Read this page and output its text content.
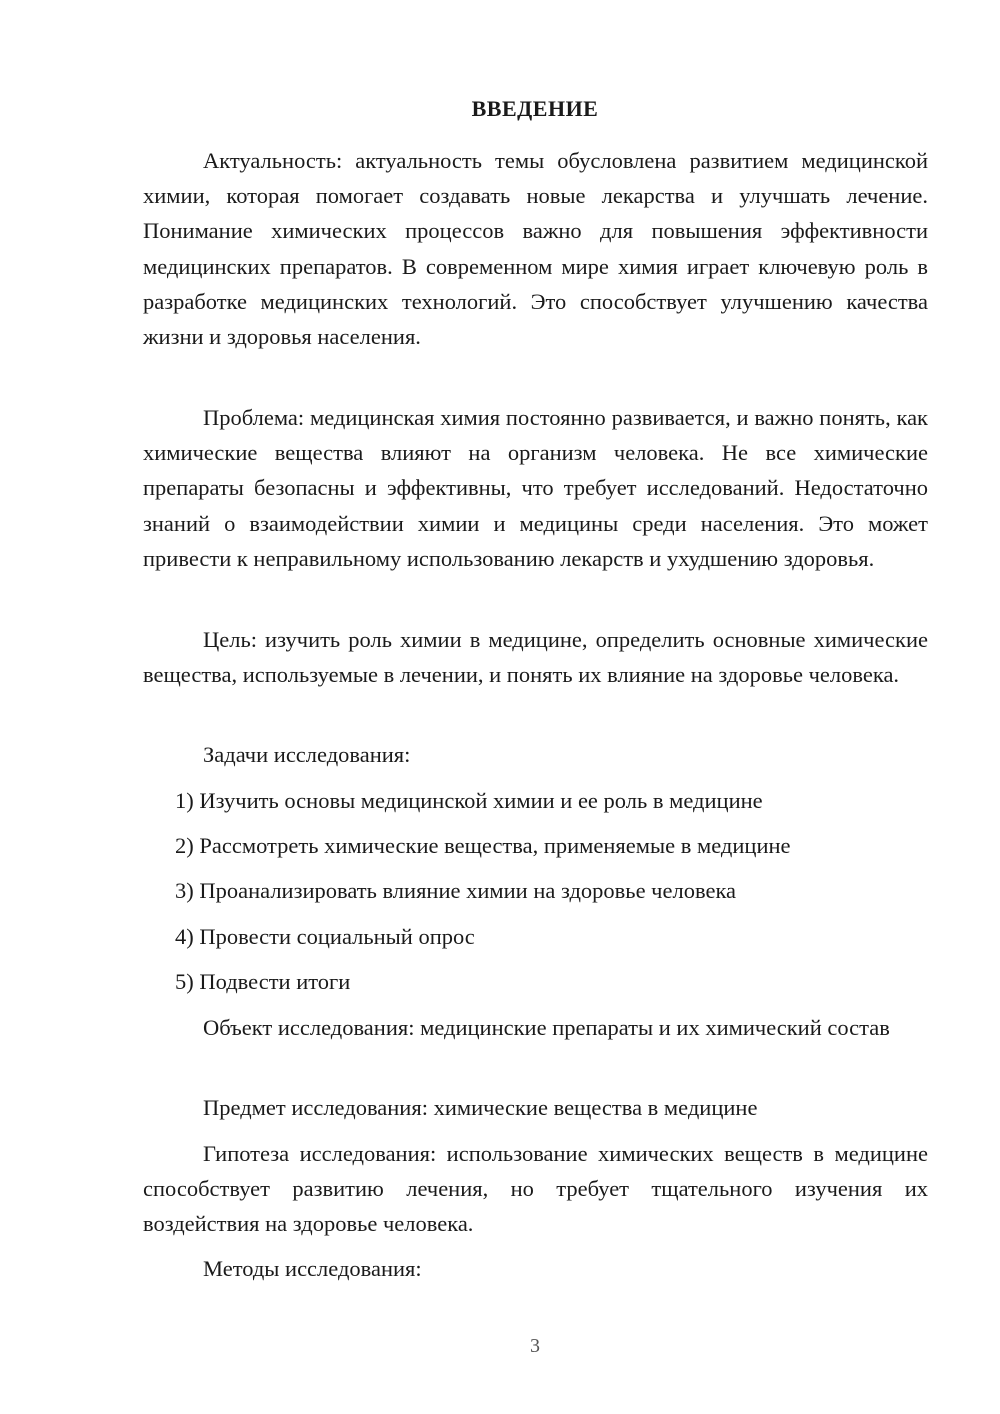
ВВЕДЕНИЕ

Актуальность: актуальность темы обусловлена развитием медицинской химии, которая помогает создавать новые лекарства и улучшать лечение. Понимание химических процессов важно для повышения эффективности медицинских препаратов. В современном мире химия играет ключевую роль в разработке медицинских технологий. Это способствует улучшению качества жизни и здоровья населения.

Проблема: медицинская химия постоянно развивается, и важно понять, как химические вещества влияют на организм человека. Не все химические препараты безопасны и эффективны, что требует исследований. Недостаточно знаний о взаимодействии химии и медицины среди населения. Это может привести к неправильному использованию лекарств и ухудшению здоровья.

Цель: изучить роль химии в медицине, определить основные химические вещества, используемые в лечении, и понять их влияние на здоровье человека.

Задачи исследования:

1) Изучить основы медицинской химии и ее роль в медицине

2) Рассмотреть химические вещества, применяемые в медицине

3) Проанализировать влияние химии на здоровье человека

4) Провести социальный опрос

5) Подвести итоги

Объект исследования: медицинские препараты и их химический состав

Предмет исследования: химические вещества в медицине

Гипотеза исследования: использование химических веществ в медицине способствует развитию лечения, но требует тщательного изучения их воздействия на здоровье человека.

Методы исследования:

3
